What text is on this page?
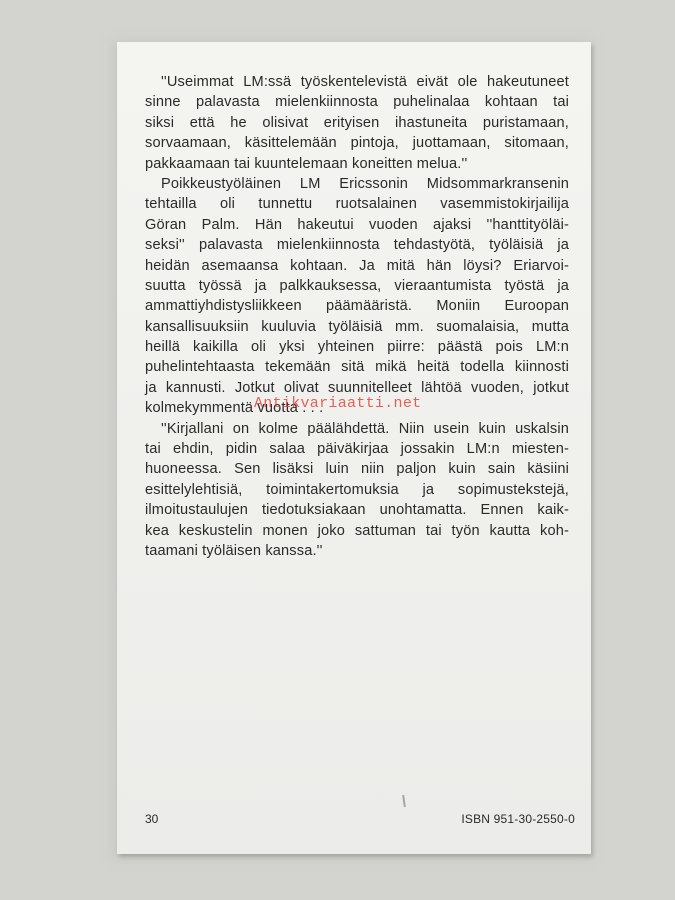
''Useimmat LM:ssä työskentelevistä eivät ole hakeutuneet
sinne palavasta mielenkiinnosta puhelinalaa kohtaan tai
siksi että he olisivat erityisen ihastuneita puristamaan,
sorvaamaan, käsittelemään pintoja, juottamaan, sitomaan,
pakkaamaan tai kuuntelemaan koneitten melua.''
Poikkeustyöläinen LM Ericssonin Midsommarkransenin
tehtailla oli tunnettu ruotsalainen vasemmistokirjailija
Göran Palm. Hän hakeutui vuoden ajaksi ''hanttityöläi-
seksi'' palavasta mielenkiinnosta tehdastyötä, työläisiä ja
heidän asemaansa kohtaan. Ja mitä hän löysi? Eriarvoi-
suutta työssä ja palkkauksessa, vieraantumista työstä ja
ammattiyhdistysliikkeen päämääristä. Moniin Euroopan
kansallisuuksiin kuuluvia työläisiä mm. suomalaisia, mutta
heillä kaikilla oli yksi yhteinen piirre: päästä pois LM:n
puhelintehtaasta tekemään sitä mikä heitä todella kiinnosti
ja kannusti. Jotkut olivat suunnitelleet lähtöä vuoden, jotkut
kolmekymmentä vuotta . . .
''Kirjallani on kolme päälähdettä. Niin usein kuin uskalsin
tai ehdin, pidin salaa päiväkirjaa jossakin LM:n miesten-
huoneessa. Sen lisäksi luin niin paljon kuin sain käsiini
esittelylehtisiä, toimintakertomuksia ja sopimustekstejä,
ilmoitustaulujen tiedotuksiakaan unohtamatta. Ennen kaik-
kea keskustelin monen joko sattuman tai työn kautta koh-
taamani työläisen kanssa.''
Antikvariaatti.net
30	ISBN 951-30-2550-0
